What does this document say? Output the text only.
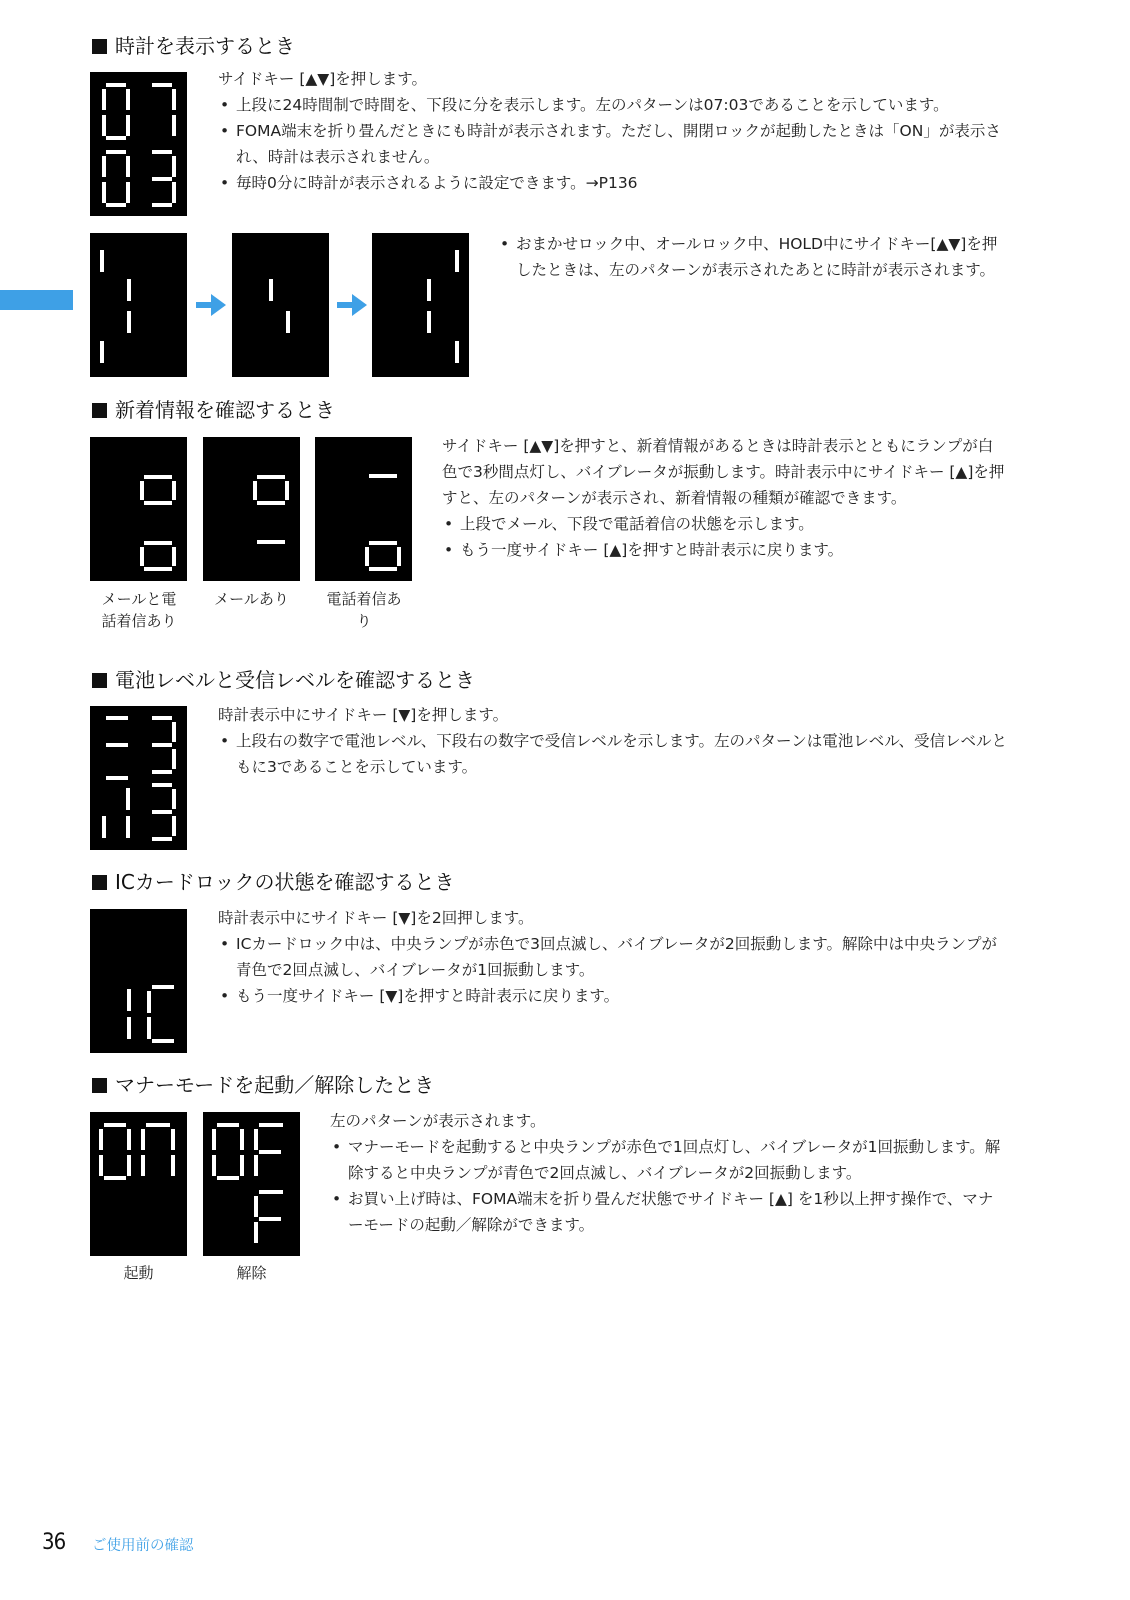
時計を表示するとき

サイドキー [▲▼]を押します。

• 上段に24時間制で時間を、下段に分を表示します。左のパターンは07:03であることを示しています。
• FOMA端末を折り畳んだときにも時計が表示されます。ただし、開閉ロックが起動したときは「ON」が表示され、時計は表示されません。
• 毎時0分に時計が表示されるように設定できます。→P136
• おまかせロック中、オールロック中、HOLD中にサイドキー[▲▼]を押したときは、左のパターンが表示されたあとに時計が表示されます。
新着情報を確認するとき
メールと電話着信あり
メールあり	電話着信あり

サイドキー [▲▼]を押すと、新着情報があるときは時計表示とともにランプが白色で3秒間点灯し、バイブレータが振動します。時計表示中にサイドキー [▲]を押すと、左のパターンが表示され、新着情報の種類が確認できます。

• 上段でメール、下段で電話着信の状態を示します。
• もう一度サイドキー [▲]を押すと時計表示に戻ります。
電池レベルと受信レベルを確認するとき

時計表示中にサイドキー [▼]を押します。

• 上段右の数字で電池レベル、下段右の数字で受信レベルを示します。左のパターンは電池レベル、受信レベルともに3であることを示しています。
ICカードロックの状態を確認するとき

時計表示中にサイドキー [▼]を2回押します。

• ICカードロック中は、中央ランプが赤色で3回点滅し、バイブレータが2回振動します。解除中は中央ランプが青色で2回点滅し、バイブレータが1回振動します。
• もう一度サイドキー [▼]を押すと時計表示に戻ります。
マナーモードを起動／解除したとき
起動	解除

左のパターンが表示されます。

• マナーモードを起動すると中央ランプが赤色で1回点灯し、バイブレータが1回振動します。解除すると中央ランプが青色で2回点滅し、バイブレータが2回振動します。
• お買い上げ時は、FOMA端末を折り畳んだ状態でサイドキー [▲] を1秒以上押す操作で、マナーモードの起動／解除ができます。
36 ご使用前の確認
